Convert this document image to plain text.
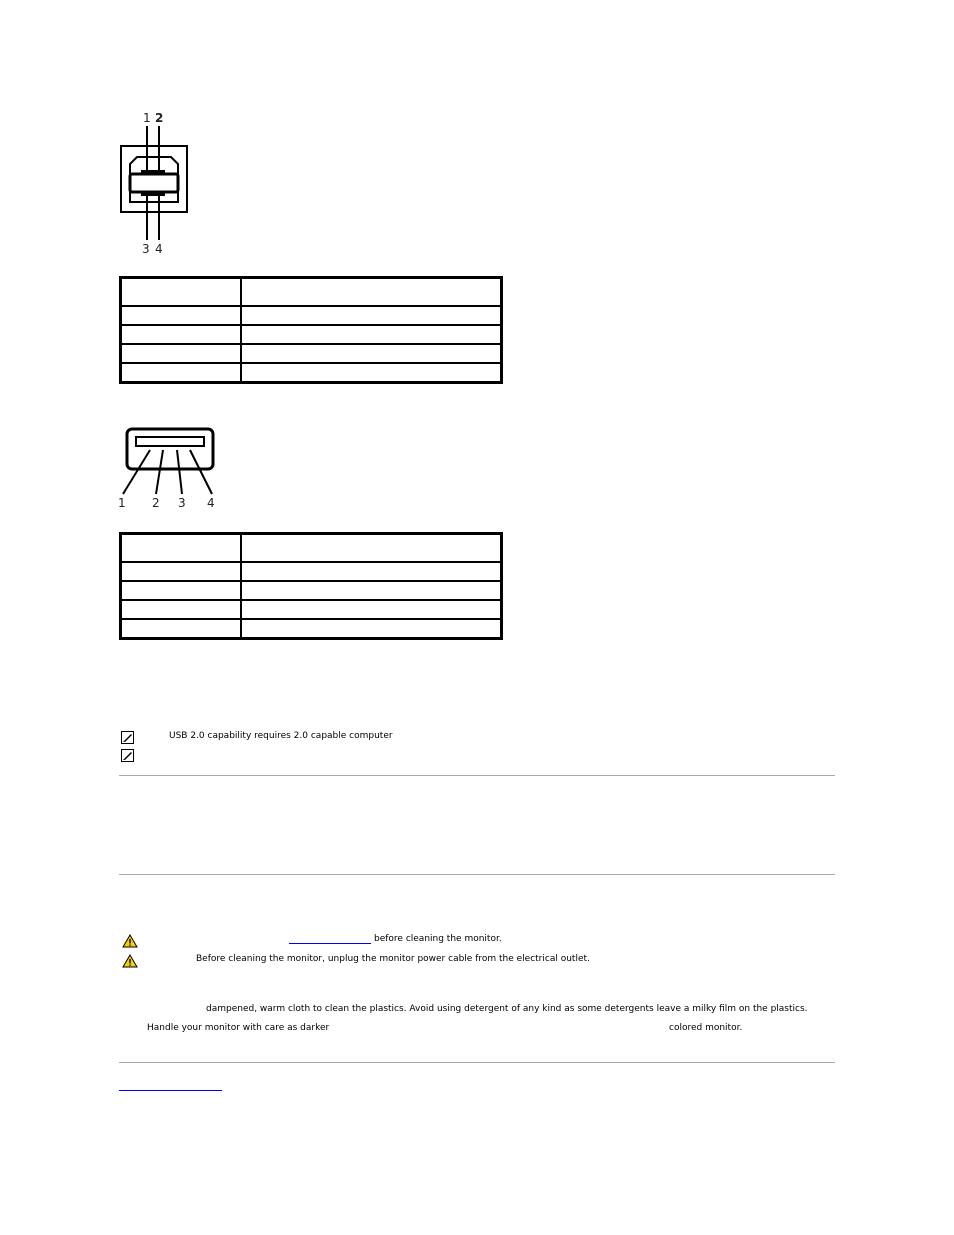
1 2
3 4

1 2 3 4

USB 2.0 capability requires 2.0 capable computer
before cleaning the monitor.
Before cleaning the monitor, unplug the monitor power cable from the electrical outlet.
dampened, warm cloth to clean the plastics. Avoid using detergent of any kind as some detergents leave a milky film on the plastics.
Handle your monitor with care as darker	colored monitor.
